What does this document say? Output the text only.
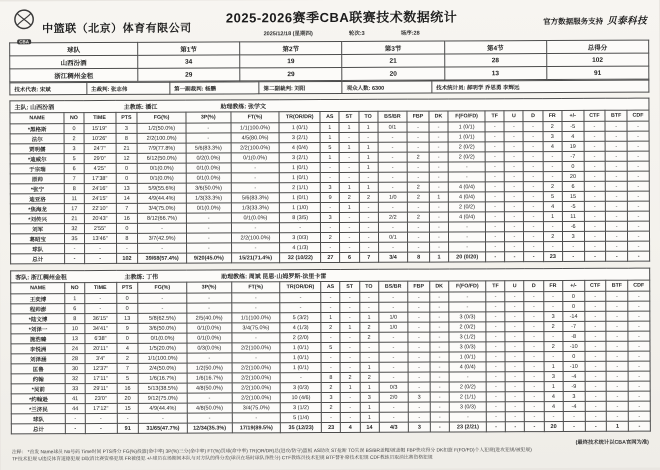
CBA
中篮联（北京）体育有限公司
2025-2026赛季CBA联赛技术数据统计
2025/12/18 (星期四)	轮次:3	场序:28
官方数据服务支持 贝泰科技
球队	第1节	第2节	第3节	第4节	总得分
山西汾酒	34	19	21	28	102
浙江稠州金租	29	29	20	13	91
技术代表: 宋斌	主裁判: 张志伟	第一副裁判: 杨鹏	第二副裁判: 刘阳	观众人数: 6300	技术统计员: 郝明学 乔思勇 李辉远
主队: 山西汾酒 主教练: 潘江 助理教练: 张学文																						
NAME	NO	TIME	PTS	FG(%)	3P(%)	FT(%)	TR(OR/DR)	AS	ST	TO	BS/BR	FBP	DK	F(FO/FD)	TF	U	D	FR	+/-	CTF	BTF	CDF
*黑格斯	0	15'19"	3	1/2(50.0%)	-	1/1(100.0%)	1 (0/1)	1	1	1	0/1	-	-	1 (0/1)	-	-	-	2	-5	-	-	-
法尔	2	10'26"	8	2/2(100.0%)	-	4/5(80.0%)	3 (2/1)	1	-	-	-	-	-	1 (0/1)	-	-	-	3	4	-	-	-
贾明儒	3	24'7"	21	7/9(77.8%)	5/6(83.3%)	2/2(100.0%)	4 (0/4)	5	1	1	-	-	-	2 (0/2)	-	-	-	4	19	-	-	-
*迪威尔	5	29'0"	12	6/12(50.0%)	0/2(0.0%)	0/1(0.0%)	3 (2/1)	1	-	1	-	2	-	2 (0/2)	-	-	-	-	-7	-	-	-
于宗瑞	6	4'25"	0	0/1(0.0%)	0/1(0.0%)	-	1 (0/1)	-	-	1	-	-	-	-	-	-	-	-	0	-	-	-
原帅	7	17'38"	0	0/1(0.0%)	0/1(0.0%)	-	1 (0/1)	-	-	-	-	-	-	-	-	-	-	-	20	-	-	-
*张宁	8	24'16"	13	5/9(55.6%)	3/6(50.0%)	-	2 (1/1)	3	1	1	-	2	-	4 (0/4)	-	-	-	2	6	-	-	-
迪亚洛	11	24'15"	14	4/9(44.4%)	1/3(33.3%)	5/6(83.3%)	1 (0/1)	9	2	2	1/0	2	1	4 (0/4)	-	-	-	5	15	-	-	-
*焦海龙	17	22'10"	7	3/4(75.0%)	0/1(0.0%)	1/3(33.3%)	1 (1/0)	-	1	-	-	-	-	2 (0/2)	-	-	-	4	-5	-	-	-
*刘传兴	21	20'43"	16	8/12(66.7%)	-	0/1(0.0%)	8 (3/5)	3	-	-	2/2	2	-	4 (0/4)	-	-	-	1	11	-	-	-
刘军	32	2'55"	0	-	-	-	-	-	-	-	-	-	-	-	-	-	-	-	-6	-	-	-
葛昭宝	35	13'46"	8	3/7(42.9%)	-	2/2(100.0%)	3 (0/3)	2	-	-	0/1	-	-	-	-	-	-	2	3	-	-	-
球队	-	-	-	-	-	-	4 (1/3)	-	-	-	-	-	-	-	-	-	-	-	-	-	-	-
总计	-	-	102	39/68(57.4%)	9/20(45.0%)	15/21(71.4%)	32 (10/22)	27	6	7	3/4	8	1	20 (0/20)	-	-	-	23	-	-	-	-
客队: 浙江稠州金租 主教练: 丁伟 助理教练: 周斌 昆恩·山姆罗斯-法里卡雷																						
NAME	NO	TIME	PTS	FG(%)	3P(%)	FT(%)	TR(OR/DR)	AS	ST	TO	BS/BR	FBP	DK	F(FO/FD)	TF	U	D	FR	+/-	CTF	BTF	CDF
王奕博	1	-	0	-	-	-	-	-	-	-	-	-	-	-	-	-	-	-	0	-	-	-
程帅澎	6	-	0	-	-	-	-	-	-	-	-	-	-	-	-	-	-	-	0	-	-	-
*陆文博	8	36'15"	13	5/8(62.5%)	2/5(40.0%)	1/1(100.0%)	5 (3/2)	1	-	1	1/0	-	-	3 (0/3)	-	-	-	3	-14	-	-	-
*刘泽一	10	34'41"	9	3/6(50.0%)	0/1(0.0%)	3/4(75.0%)	4 (1/3)	2	1	2	1/0	-	-	2 (0/2)	-	-	-	2	-7	-	-	-
施浩臻	13	6'38"	0	0/1(0.0%)	0/1(0.0%)	-	2 (2/0)	-	-	2	-	-	-	3 (1/2)	-	-	-	-	-8	-	-	-
李悦洲	24	20'11"	4	1/5(20.0%)	0/3(0.0%)	2/2(100.0%)	1 (0/1)	5	-	-	-	-	-	3 (0/3)	-	-	-	2	-10	-	-	-
刘泽涵	28	3'4"	2	1/1(100.0%)	-	-	1 (0/1)	-	-	-	-	-	-	1 (0/1)	-	-	-	-	0	-	-	-
匡鲁	30	12'37"	7	2/4(50.0%)	1/2(50.0%)	2/2(100.0%)	1 (0/1)	-	-	1	-	-	-	4 (0/4)	-	-	-	1	-10	-	-	-
约翰	32	17'11"	5	1/6(16.7%)	1/6(16.7%)	2/2(100.0%)	-	8	2	2	-	-	-	-	-	-	-	3	-4	-	-	-
*吴前	33	29'11"	16	5/13(38.5%)	4/8(50.0%)	2/2(100.0%)	3 (0/3)	2	1	1	0/3	-	-	2 (0/2)	-	-	-	1	-9	-	-	-
*约翰逊	41	23'0"	20	9/12(75.0%)	-	2/2(100.0%)	10 (4/6)	3	-	3	2/0	3	-	2 (1/1)	-	-	-	4	3	-	-	-
*兰济民	44	17'12"	15	4/9(44.4%)	4/8(50.0%)	3/4(75.0%)	3 (1/2)	2	-	1	-	-	-	3 (0/3)	-	-	-	4	-4	-	-	-
球队	-	-	-	-	-	-	5 (1/4)	-	-	1	-	-	-	-	-	-	-	-	-	-	-	-
总计	-	-	91	31/65(47.7%)	12/34(35.3%)	17/19(89.5%)	35 (12/23)	23	4	14	4/3	3	-	23 (2/21)	-	-	-	20	-	-	1	-
(最终技术统计以CBA官网为准)
注释： *首发 Name球员 No号码 Time时间 PTS得分 FG(%)投篮(命中率) 3P(%)三分(命中率) FT(%)罚球(命中率) TR(OR/DR)总(进攻/防守)篮板 AS助攻 ST抢断 TO失误 BS/BR盖帽/被盖帽 FBP快攻得分 DK扣篮 F(FO/FD)个人犯规(进攻犯规/被犯规)
TF技术犯规 U违反体育道德犯规 D取消比赛资格犯规 FR被侵犯 +/-球员在场期间本队与对方队的得分差(球员在场时球队净胜分) CTF教练员技术犯规 BTF替补席技术犯规 CDF教练员取消比赛资格犯规
